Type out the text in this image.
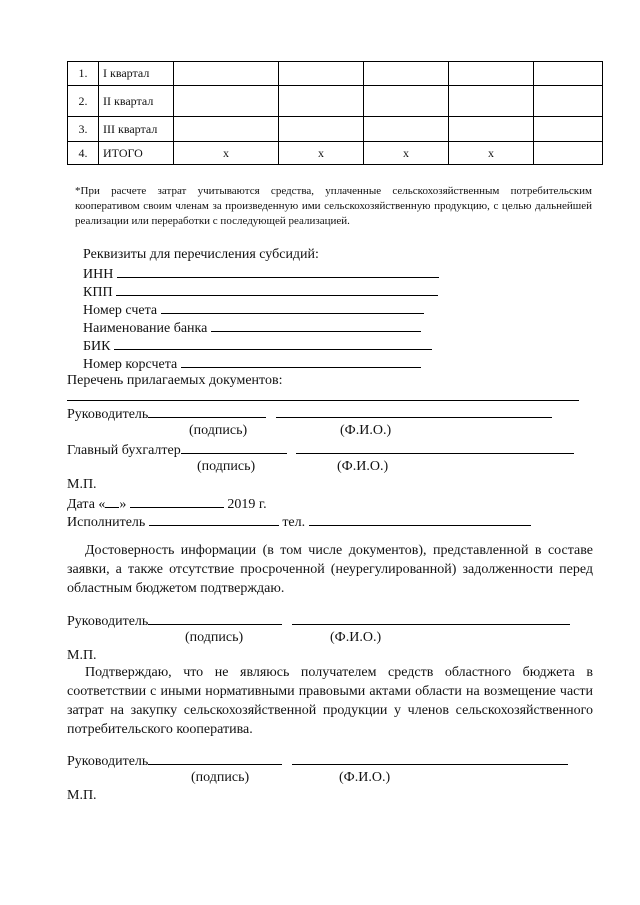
1.	I квартал					
2.	II квартал					
3.	III квартал					
4.	ИТОГО	x	x	x	x	
*При расчете затрат учитываются средства, уплаченные сельскохозяйственным потребительским кооперативом своим членам за произведенную ими сельскохозяйственную продукцию, с целью дальнейшей реализации или переработки с последующей реализацией.
Реквизиты для перечисления субсидий:
ИНН
КПП
Номер счета
Наименование банка
БИК
Номер корсчета
Перечень прилагаемых документов:
Руководитель
(подпись)	(Ф.И.О.)
Главный бухгалтер
(подпись)	(Ф.И.О.)
М.П.
Дата « »	2019 г.
Исполнитель	тел.
Достоверность информации (в том числе документов), представленной в составе заявки, а также отсутствие просроченной (неурегулированной) задолженности перед областным бюджетом подтверждаю.
Руководитель
(подпись)	(Ф.И.О.)
М.П.
Подтверждаю, что не являюсь получателем средств областного бюджета в соответствии с иными нормативными правовыми актами области на возмещение части затрат на закупку сельскохозяйственной продукции у членов сельскохозяйственного потребительского кооператива.
Руководитель
(подпись)	(Ф.И.О.)
М.П.
